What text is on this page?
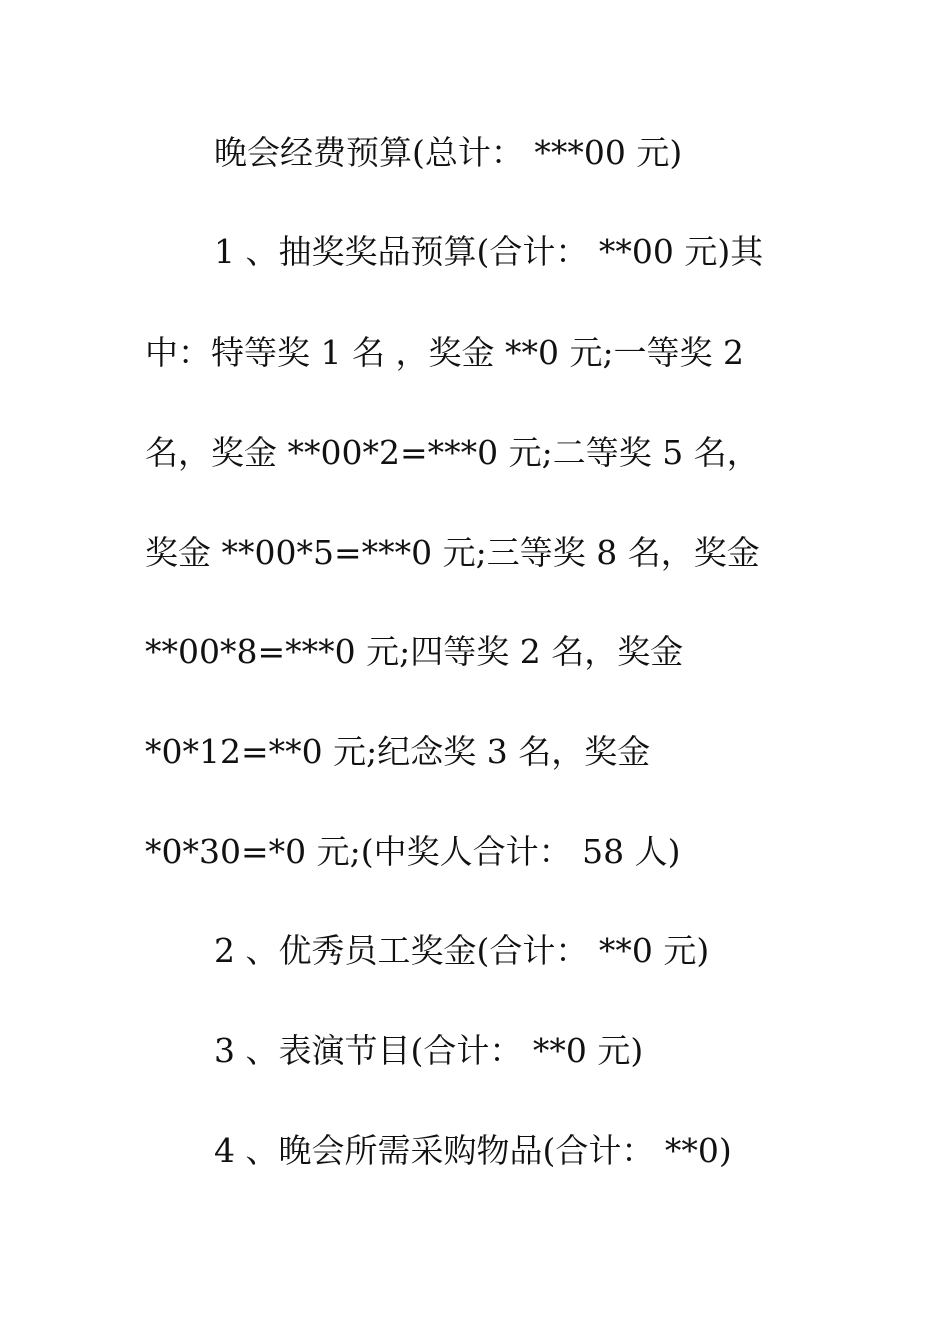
晚会经费预算(总计： ***00 元)
1 、抽奖奖品预算(合计： **00 元)其
中：特等奖 1 名 ，奖金 **0 元;一等奖 2
名，奖金 **00*2=***0 元;二等奖 5 名，
奖金 **00*5=***0 元;三等奖 8 名，奖金
**00*8=***0 元;四等奖 2 名，奖金
*0*12=**0 元;纪念奖 3 名，奖金
*0*30=*0 元;(中奖人合计： 58 人)
2 、优秀员工奖金(合计： **0 元)
3 、表演节目(合计： **0 元)
4 、晚会所需采购物品(合计： **0)
